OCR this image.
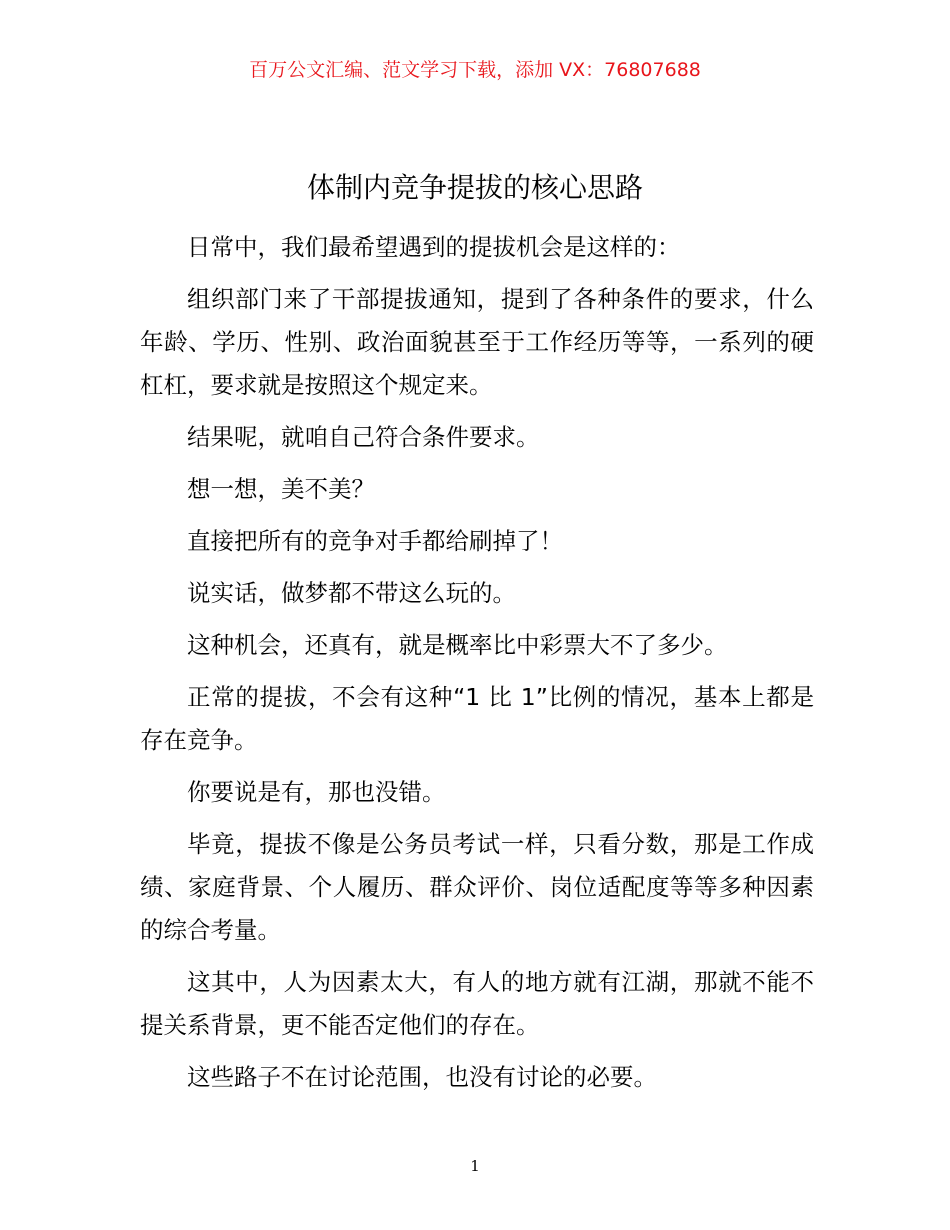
百万公文汇编、范文学习下载，添加 VX：76807688
体制内竞争提拔的核心思路

日常中，我们最希望遇到的提拔机会是这样的：

组织部门来了干部提拔通知，提到了各种条件的要求，什么年龄、学历、性别、政治面貌甚至于工作经历等等，一系列的硬杠杠，要求就是按照这个规定来。

结果呢，就咱自己符合条件要求。

想一想，美不美？

直接把所有的竞争对手都给刷掉了！

说实话，做梦都不带这么玩的。

这种机会，还真有，就是概率比中彩票大不了多少。

正常的提拔，不会有这种“1 比 1”比例的情况，基本上都是存在竞争。

你要说是有，那也没错。

毕竟，提拔不像是公务员考试一样，只看分数，那是工作成绩、家庭背景、个人履历、群众评价、岗位适配度等等多种因素的综合考量。

这其中，人为因素太大，有人的地方就有江湖，那就不能不提关系背景，更不能否定他们的存在。

这些路子不在讨论范围，也没有讨论的必要。

1
